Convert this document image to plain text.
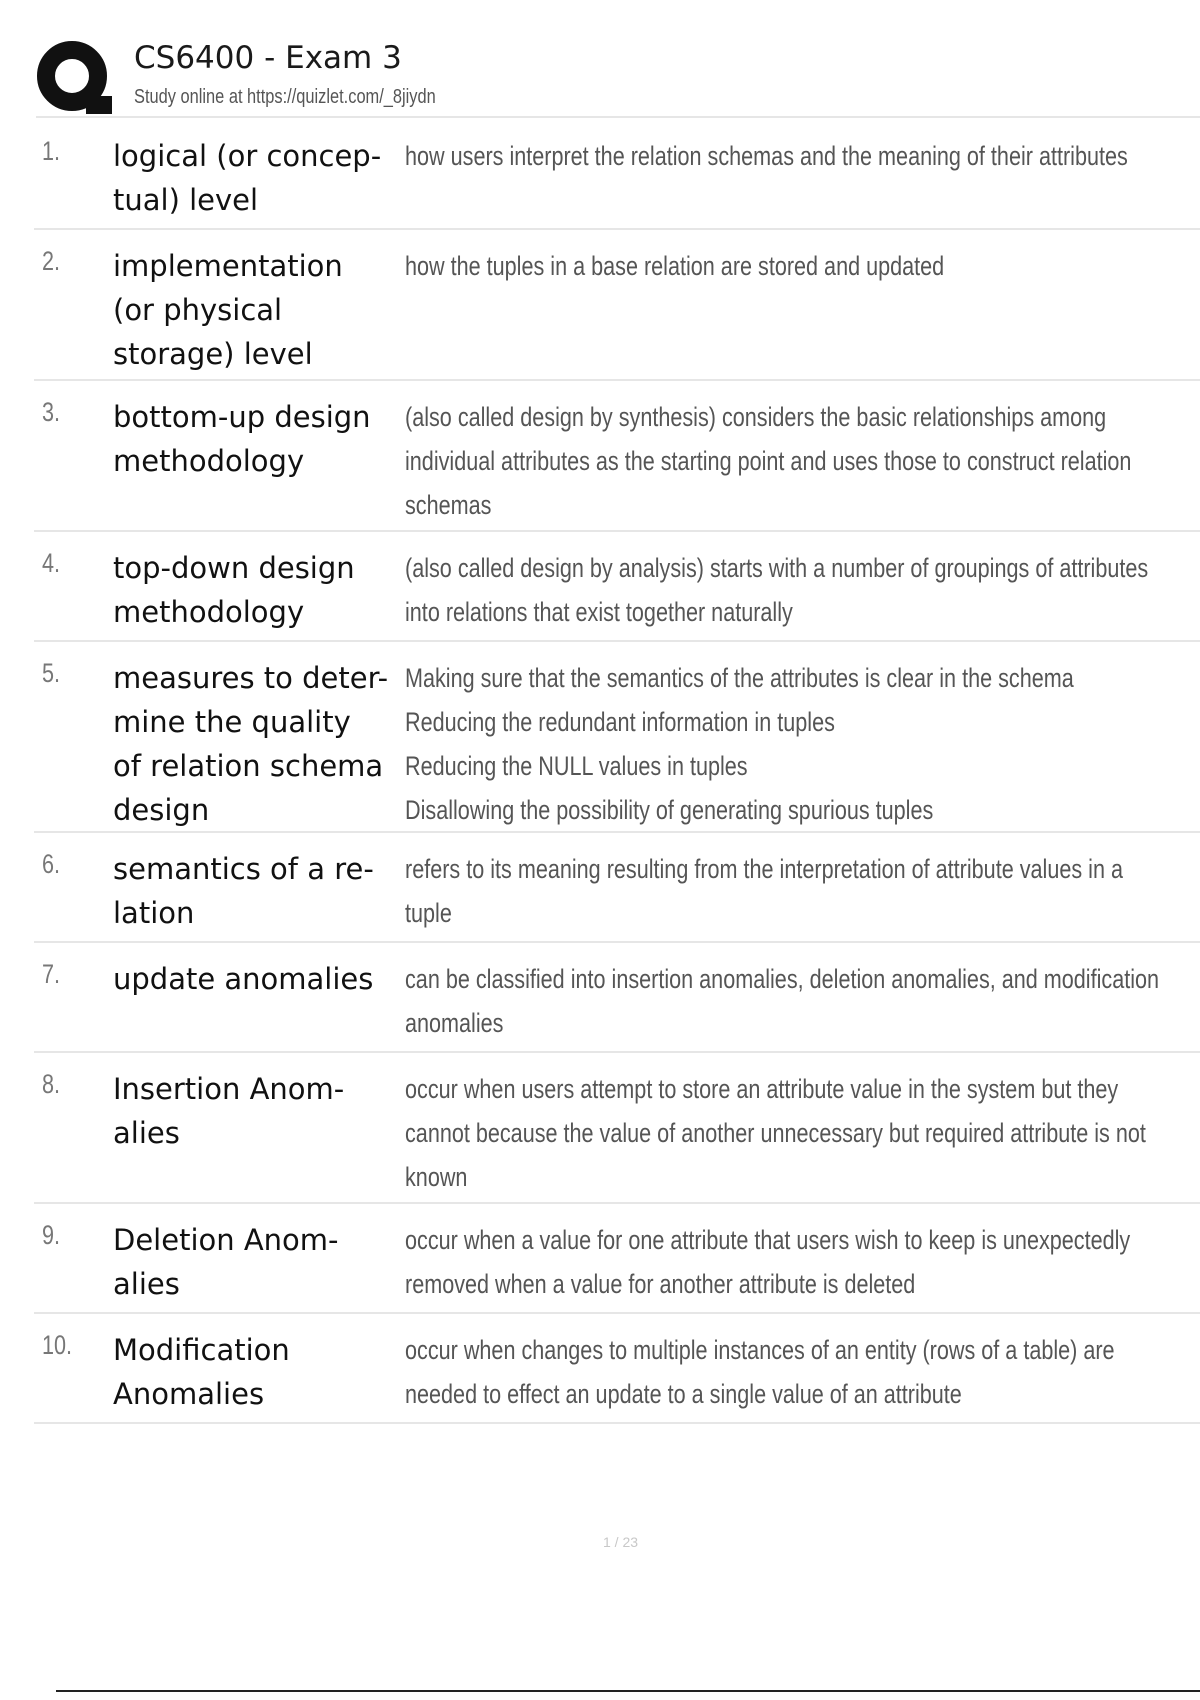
CS6400 - Exam 3
Study online at https://quizlet.com/_8jiydn
1. logical (or concep-
tual) level
how users interpret the relation schemas and the meaning of their attributes
2. implementation
(or physical
storage) level
how the tuples in a base relation are stored and updated
3. bottom-up design
methodology
(also called design by synthesis) considers the basic relationships among
individual attributes as the starting point and uses those to construct relation
schemas
4. top-down design
methodology
(also called design by analysis) starts with a number of groupings of attributes
into relations that exist together naturally
5. measures to deter-
mine the quality
of relation schema
design
Making sure that the semantics of the attributes is clear in the schema
Reducing the redundant information in tuples
Reducing the NULL values in tuples
Disallowing the possibility of generating spurious tuples
6. semantics of a re-
lation
refers to its meaning resulting from the interpretation of attribute values in a
tuple
7. update anomalies	can be classified into insertion anomalies, deletion anomalies, and modification
anomalies
8. Insertion Anom-
alies
occur when users attempt to store an attribute value in the system but they
cannot because the value of another unnecessary but required attribute is not
known
9. Deletion Anom-
alies
occur when a value for one attribute that users wish to keep is unexpectedly
removed when a value for another attribute is deleted
10. Modification
Anomalies
occur when changes to multiple instances of an entity (rows of a table) are
needed to effect an update to a single value of an attribute
1 / 23
